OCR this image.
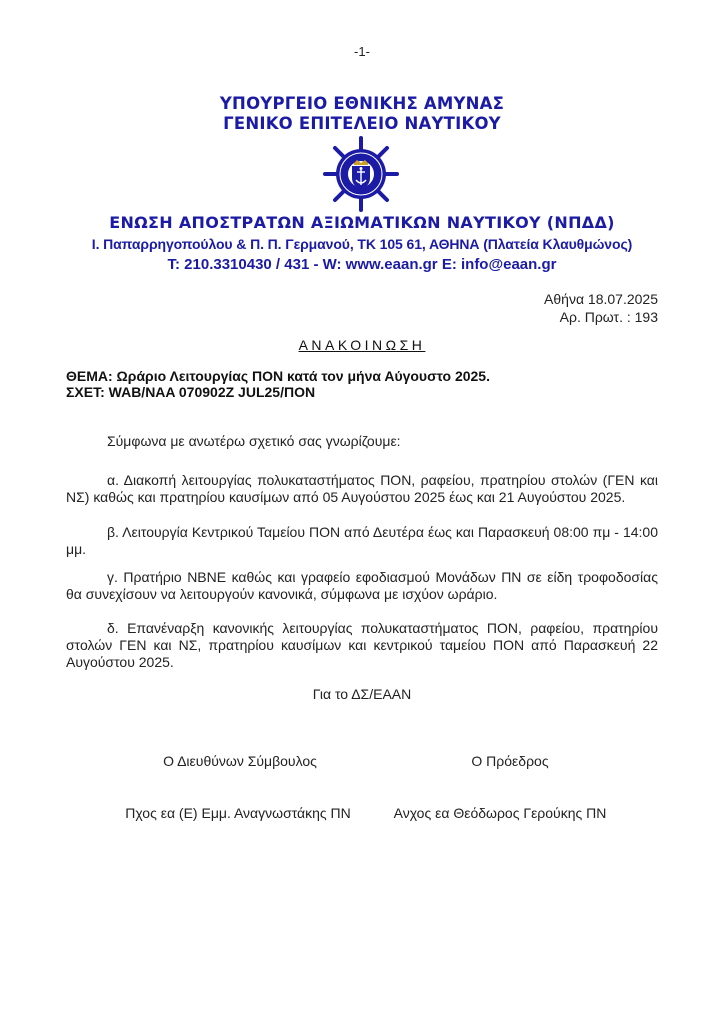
-1-
ΥΠΟΥΡΓΕΙΟ ΕΘΝΙΚΗΣ ΑΜΥΝΑΣ
ΓΕΝΙΚΟ ΕΠΙΤΕΛΕΙΟ ΝΑΥΤΙΚΟΥ
ΕΝΩΣΗ ΑΠΟΣΤΡΑΤΩΝ ΑΞΙΩΜΑΤΙΚΩΝ ΝΑΥΤΙΚΟΥ (ΝΠΔΔ)
Ι. Παπαρρηγοπούλου & Π. Π. Γερμανού, ΤΚ 105 61, ΑΘΗΝΑ (Πλατεία Κλαυθμώνος)
T: 210.3310430 / 431 - W: www.eaan.gr E: info@eaan.gr
Αθήνα 18.07.2025
Αρ. Πρωτ. : 193
ΑΝΑΚΟΙΝΩΣΗ
ΘΕΜΑ: Ωράριο Λειτουργίας ΠΟΝ κατά τον μήνα Αύγουστο 2025.
ΣΧΕΤ: WAB/NAA 070902Z JUL25/ΠΟΝ
Σύμφωνα με ανωτέρω σχετικό σας γνωρίζουμε:
α. Διακοπή λειτουργίας πολυκαταστήματος ΠΟΝ, ραφείου, πρατηρίου στολών (ΓΕΝ και ΝΣ) καθώς και πρατηρίου καυσίμων από 05 Αυγούστου 2025 έως και 21 Αυγούστου 2025.
β. Λειτουργία Κεντρικού Ταμείου ΠΟΝ από Δευτέρα έως και Παρασκευή 08:00 πμ - 14:00 μμ.
γ. Πρατήριο ΝΒΝΕ καθώς και γραφείο εφοδιασμού Μονάδων ΠΝ σε είδη τροφοδοσίας θα συνεχίσουν να λειτουργούν κανονικά, σύμφωνα με ισχύον ωράριο.
δ. Επανέναρξη κανονικής λειτουργίας πολυκαταστήματος ΠΟΝ, ραφείου, πρατηρίου στολών ΓΕΝ και ΝΣ, πρατηρίου καυσίμων και κεντρικού ταμείου ΠΟΝ από Παρασκευή 22 Αυγούστου 2025.
Για το ΔΣ/ΕΑΑΝ
Ο Διευθύνων Σύμβουλος	Ο Πρόεδρος
Πχος εα (Ε) Εμμ. Αναγνωστάκης ΠΝ	Ανχος εα Θεόδωρος Γερούκης ΠΝ
